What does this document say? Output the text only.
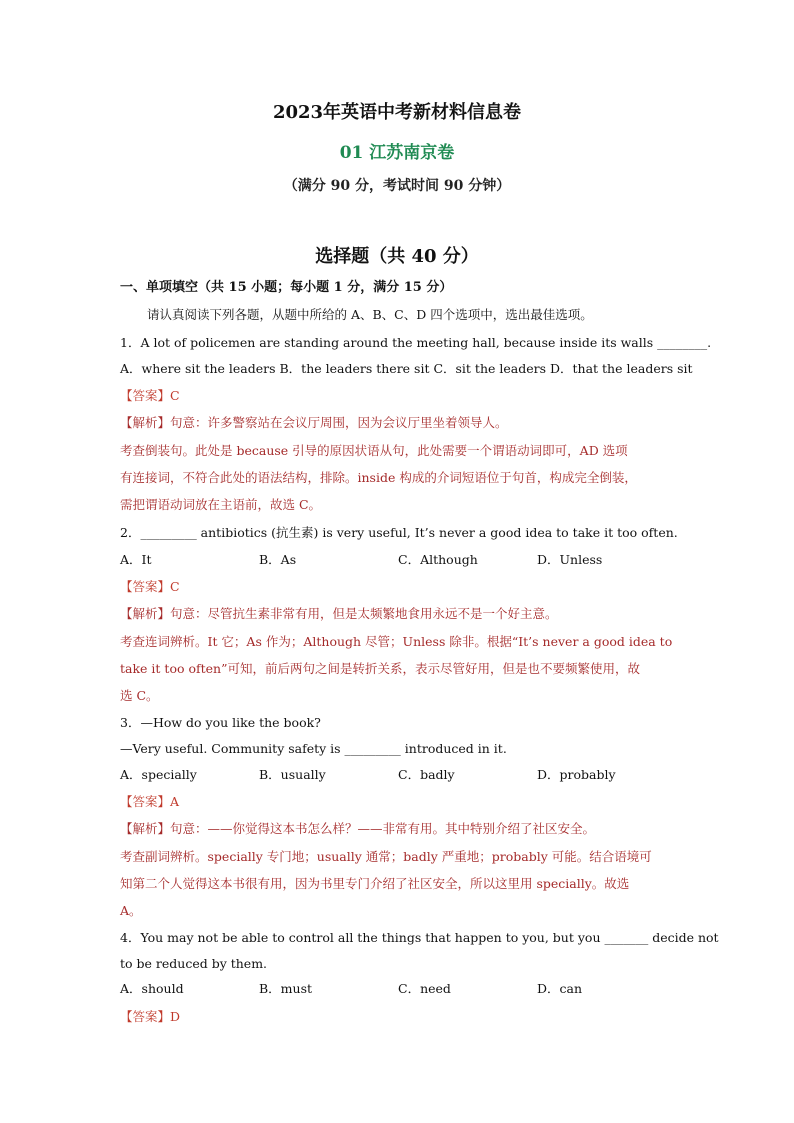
2023年英语中考新材料信息卷
01 江苏南京卷
（满分 90 分，考试时间 90 分钟）
选择题（共 40 分）
一、单项填空（共 15 小题；每小题 1 分，满分 15 分）
请认真阅读下列各题，从题中所给的 A、B、C、D 四个选项中，选出最佳选项。
1．A lot of policemen are standing around the meeting hall, because inside its walls ________.
A．where sit the leaders B．the leaders there sit C．sit the leaders D．that the leaders sit
【答案】C
【解析】句意：许多警察站在会议厅周围，因为会议厅里坐着领导人。
考查倒装句。此处是 because 引导的原因状语从句，此处需要一个谓语动词即可，AD 选项
有连接词，不符合此处的语法结构，排除。inside 构成的介词短语位于句首，构成完全倒装，
需把谓语动词放在主语前，故选 C。
2．_________ antibiotics (抗生素) is very useful, It’s never a good idea to take it too often.
A．It	B．As	C．Although	D．Unless
【答案】C
【解析】句意：尽管抗生素非常有用，但是太频繁地食用永远不是一个好主意。
考查连词辨析。It 它；As 作为；Although 尽管；Unless 除非。根据“It’s never a good idea to
take it too often”可知，前后两句之间是转折关系，表示尽管好用，但是也不要频繁使用，故
选 C。
3．—How do you like the book?
—Very useful. Community safety is _________ introduced in it.
A．specially	B．usually	C．badly	D．probably
【答案】A
【解析】句意：——你觉得这本书怎么样？——非常有用。其中特别介绍了社区安全。
考查副词辨析。specially 专门地；usually 通常；badly 严重地；probably 可能。结合语境可
知第二个人觉得这本书很有用，因为书里专门介绍了社区安全，所以这里用 specially。故选
A。
4．You may not be able to control all the things that happen to you, but you _______ decide not
to be reduced by them.
A．should	B．must	C．need	D．can
【答案】D
